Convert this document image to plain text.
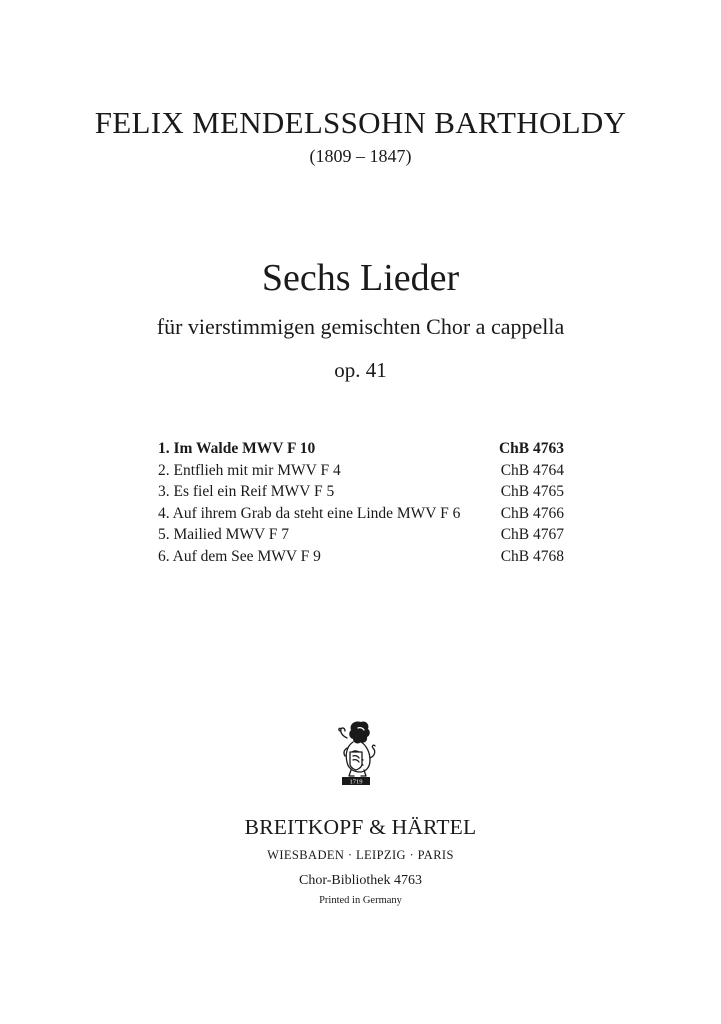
FELIX MENDELSSOHN BARTHOLDY
(1809 – 1847)
Sechs Lieder
für vierstimmigen gemischten Chor a cappella
op. 41
1. Im Walde MWV F 10	ChB 4763
2. Entflieh mit mir MWV F 4	ChB 4764
3. Es fiel ein Reif MWV F 5	ChB 4765
4. Auf ihrem Grab da steht eine Linde MWV F 6	ChB 4766
5. Mailied MWV F 7	ChB 4767
6. Auf dem See MWV F 9	ChB 4768
1719
BREITKOPF & HÄRTEL
WIESBADEN · LEIPZIG · PARIS
Chor-Bibliothek 4763
Printed in Germany
